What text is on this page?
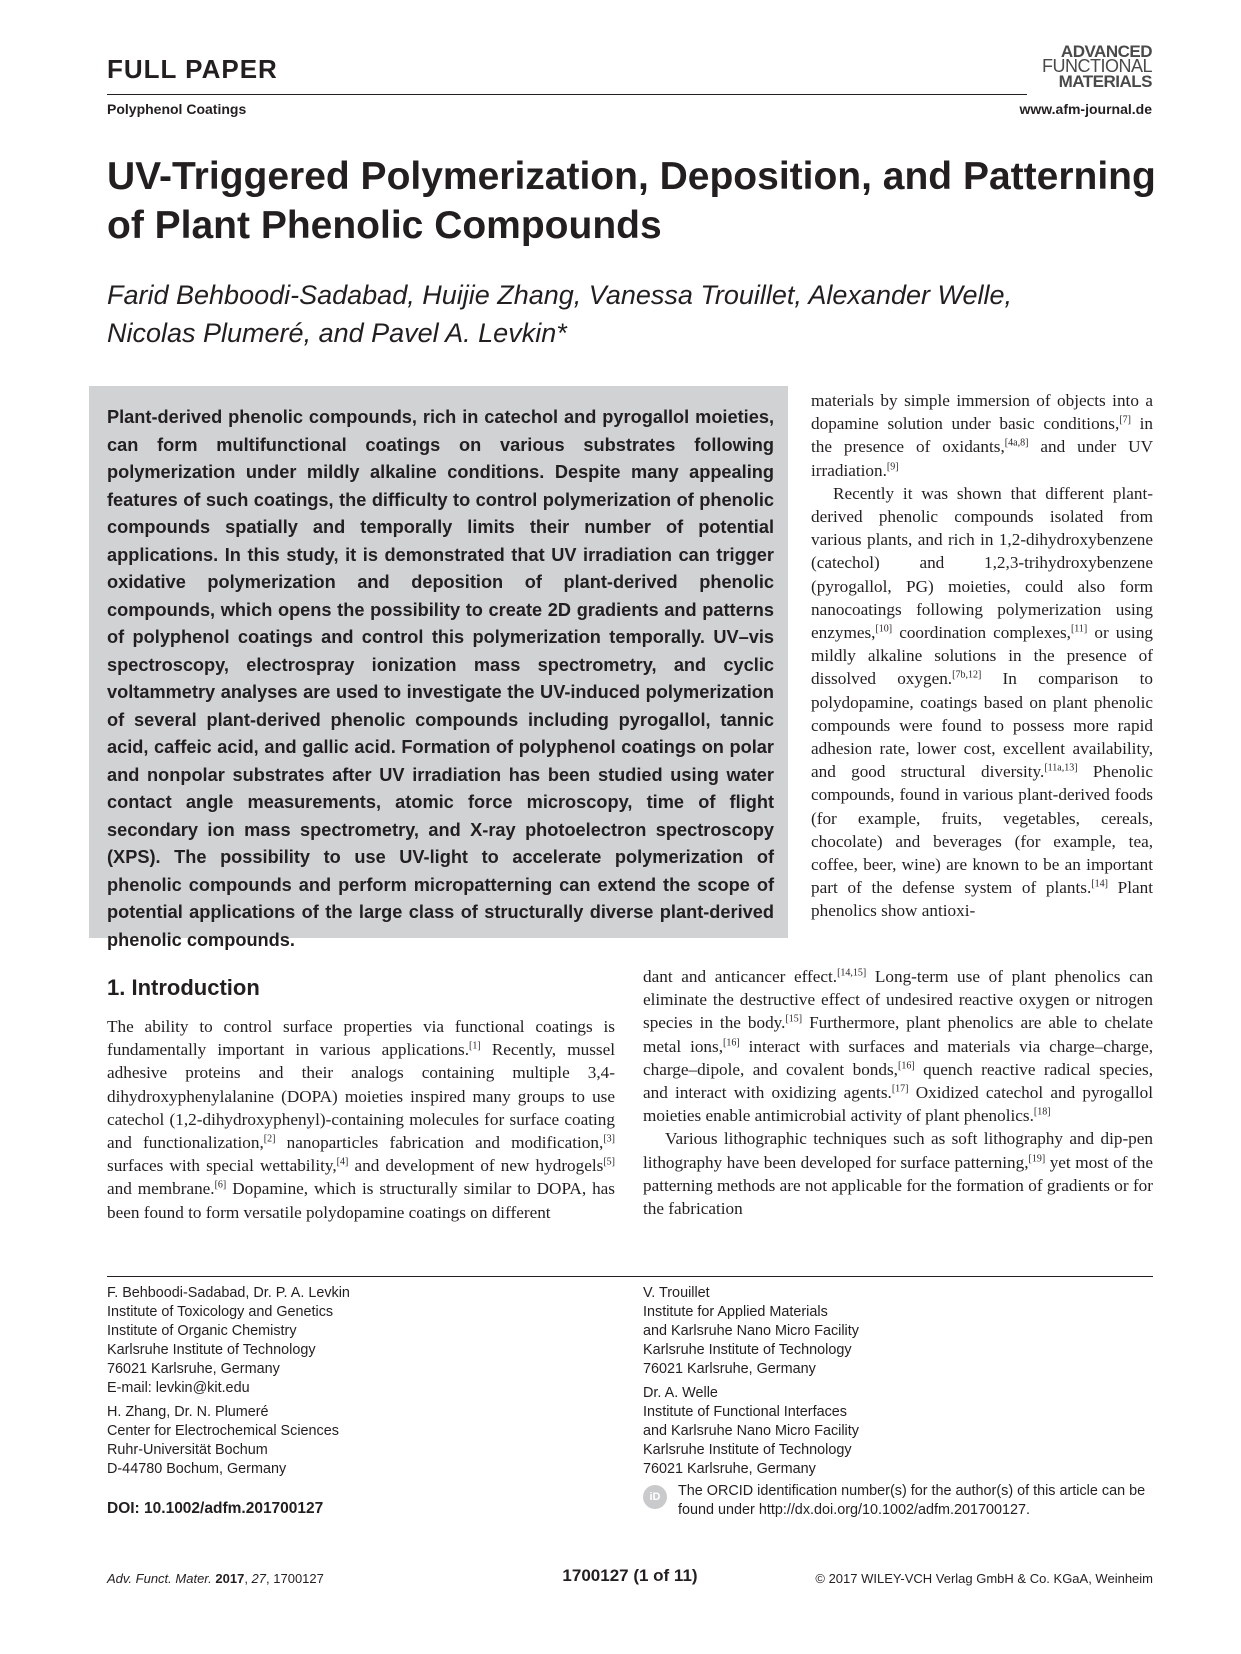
FULL PAPER
Polyphenol Coatings
ADVANCED
FUNCTIONAL
MATERIALS
www.afm-journal.de
UV-Triggered Polymerization, Deposition, and Patterning of Plant Phenolic Compounds
Farid Behboodi-Sadabad, Huijie Zhang, Vanessa Trouillet, Alexander Welle, Nicolas Plumeré, and Pavel A. Levkin*

Plant-derived phenolic compounds, rich in catechol and pyrogallol moieties, can form multifunctional coatings on various substrates following polymerization under mildly alkaline conditions. Despite many appealing features of such coatings, the difficulty to control polymerization of phenolic compounds spatially and temporally limits their number of potential applications. In this study, it is demonstrated that UV irradiation can trigger oxidative polymerization and deposition of plant-derived phenolic compounds, which opens the possibility to create 2D gradients and patterns of polyphenol coatings and control this polymerization temporally. UV–vis spectroscopy, electrospray ionization mass spectrometry, and cyclic voltammetry analyses are used to investigate the UV-induced polymerization of several plant-derived phenolic compounds including pyrogallol, tannic acid, caffeic acid, and gallic acid. Formation of polyphenol coatings on polar and nonpolar substrates after UV irradiation has been studied using water contact angle measurements, atomic force microscopy, time of flight secondary ion mass spectrometry, and X-ray photoelectron spectroscopy (XPS). The possibility to use UV-light to accelerate polymerization of phenolic compounds and perform micropatterning can extend the scope of potential applications of the large class of structurally diverse plant-derived phenolic compounds.

materials by simple immersion of objects into a dopamine solution under basic conditions,[7] in the presence of oxidants,[4a,8] and under UV irradiation.[9]

Recently it was shown that different plant-derived phenolic compounds isolated from various plants, and rich in 1,2-dihydroxybenzene (catechol) and 1,2,3-trihydroxybenzene (pyrogallol, PG) moieties, could also form nanocoatings following polymerization using enzymes,[10] coordination complexes,[11] or using mildly alkaline solutions in the presence of dissolved oxygen.[7b,12] In comparison to polydopamine, coatings based on plant phenolic compounds were found to possess more rapid adhesion rate, lower cost, excellent availability, and good structural diversity.[11a,13] Phenolic compounds, found in various plant-derived foods (for example, fruits, vegetables, cereals, chocolate) and beverages (for example, tea, coffee, beer, wine) are known to be an important part of the defense system of plants.[14] Plant phenolics show antioxi-

1. Introduction

The ability to control surface properties via functional coatings is fundamentally important in various applications.[1] Recently, mussel adhesive proteins and their analogs containing multiple 3,4-dihydroxyphenylalanine (DOPA) moieties inspired many groups to use catechol (1,2-dihydroxyphenyl)-containing molecules for surface coating and functionalization,[2] nanoparticles fabrication and modification,[3] surfaces with special wettability,[4] and development of new hydrogels[5] and membrane.[6] Dopamine, which is structurally similar to DOPA, has been found to form versatile polydopamine coatings on different

dant and anticancer effect.[14,15] Long-term use of plant phenolics can eliminate the destructive effect of undesired reactive oxygen or nitrogen species in the body.[15] Furthermore, plant phenolics are able to chelate metal ions,[16] interact with surfaces and materials via charge–charge, charge–dipole, and covalent bonds,[16] quench reactive radical species, and interact with oxidizing agents.[17] Oxidized catechol and pyrogallol moieties enable antimicrobial activity of plant phenolics.[18]

Various lithographic techniques such as soft lithography and dip-pen lithography have been developed for surface patterning,[19] yet most of the patterning methods are not applicable for the formation of gradients or for the fabrication

F. Behboodi-Sadabad, Dr. P. A. Levkin
Institute of Toxicology and Genetics
Institute of Organic Chemistry
Karlsruhe Institute of Technology
76021 Karlsruhe, Germany
E-mail: levkin@kit.edu
H. Zhang, Dr. N. Plumeré
Center for Electrochemical Sciences
Ruhr-Universität Bochum
D-44780 Bochum, Germany
V. Trouillet
Institute for Applied Materials
and Karlsruhe Nano Micro Facility
Karlsruhe Institute of Technology
76021 Karlsruhe, Germany
Dr. A. Welle
Institute of Functional Interfaces
and Karlsruhe Nano Micro Facility
Karlsruhe Institute of Technology
76021 Karlsruhe, Germany
DOI: 10.1002/adfm.201700127
iD	The ORCID identification number(s) for the author(s) of this article can be found under http://dx.doi.org/10.1002/adfm.201700127.
Adv. Funct. Mater. 2017, 27, 1700127	1700127 (1 of 11)	© 2017 WILEY-VCH Verlag GmbH & Co. KGaA, Weinheim
